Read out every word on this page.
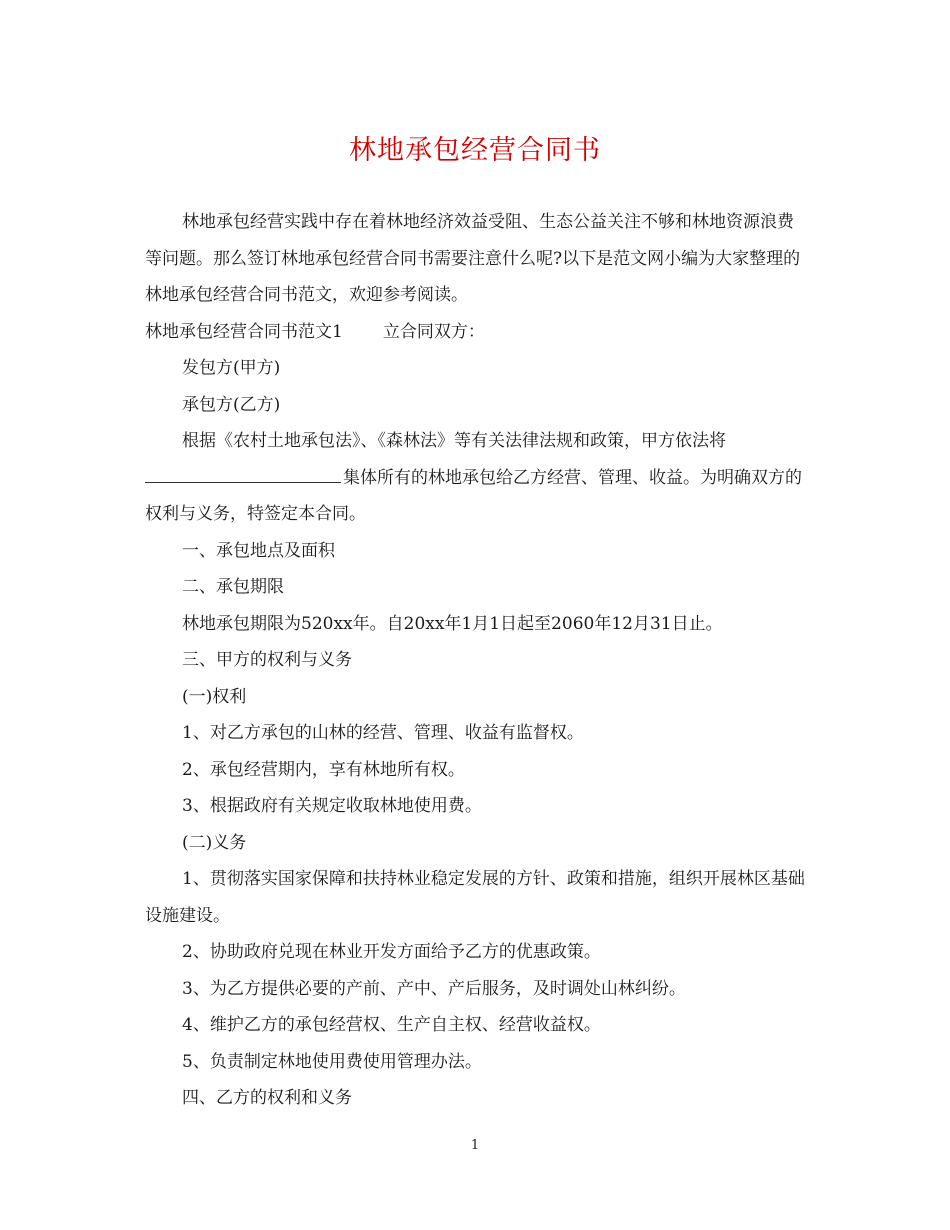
林地承包经营合同书

林地承包经营实践中存在着林地经济效益受阻、生态公益关注不够和林地资源浪费等问题。那么签订林地承包经营合同书需要注意什么呢?以下是范文网小编为大家整理的林地承包经营合同书范文，欢迎参考阅读。

林地承包经营合同书范文1 立合同双方：

发包方(甲方)

承包方(乙方)

根据《农村土地承包法》、《森林法》等有关法律法规和政策，甲方依法将集体所有的林地承包给乙方经营、管理、收益。为明确双方的权利与义务，特签定本合同。

一、承包地点及面积

二、承包期限

林地承包期限为520xx年。自20xx年1月1日起至2060年12月31日止。

三、甲方的权利与义务

(一)权利

1、对乙方承包的山林的经营、管理、收益有监督权。

2、承包经营期内，享有林地所有权。

3、根据政府有关规定收取林地使用费。

(二)义务

1、贯彻落实国家保障和扶持林业稳定发展的方针、政策和措施，组织开展林区基础设施建设。

2、协助政府兑现在林业开发方面给予乙方的优惠政策。

3、为乙方提供必要的产前、产中、产后服务，及时调处山林纠纷。

4、维护乙方的承包经营权、生产自主权、经营收益权。

5、负责制定林地使用费使用管理办法。

四、乙方的权利和义务

1
